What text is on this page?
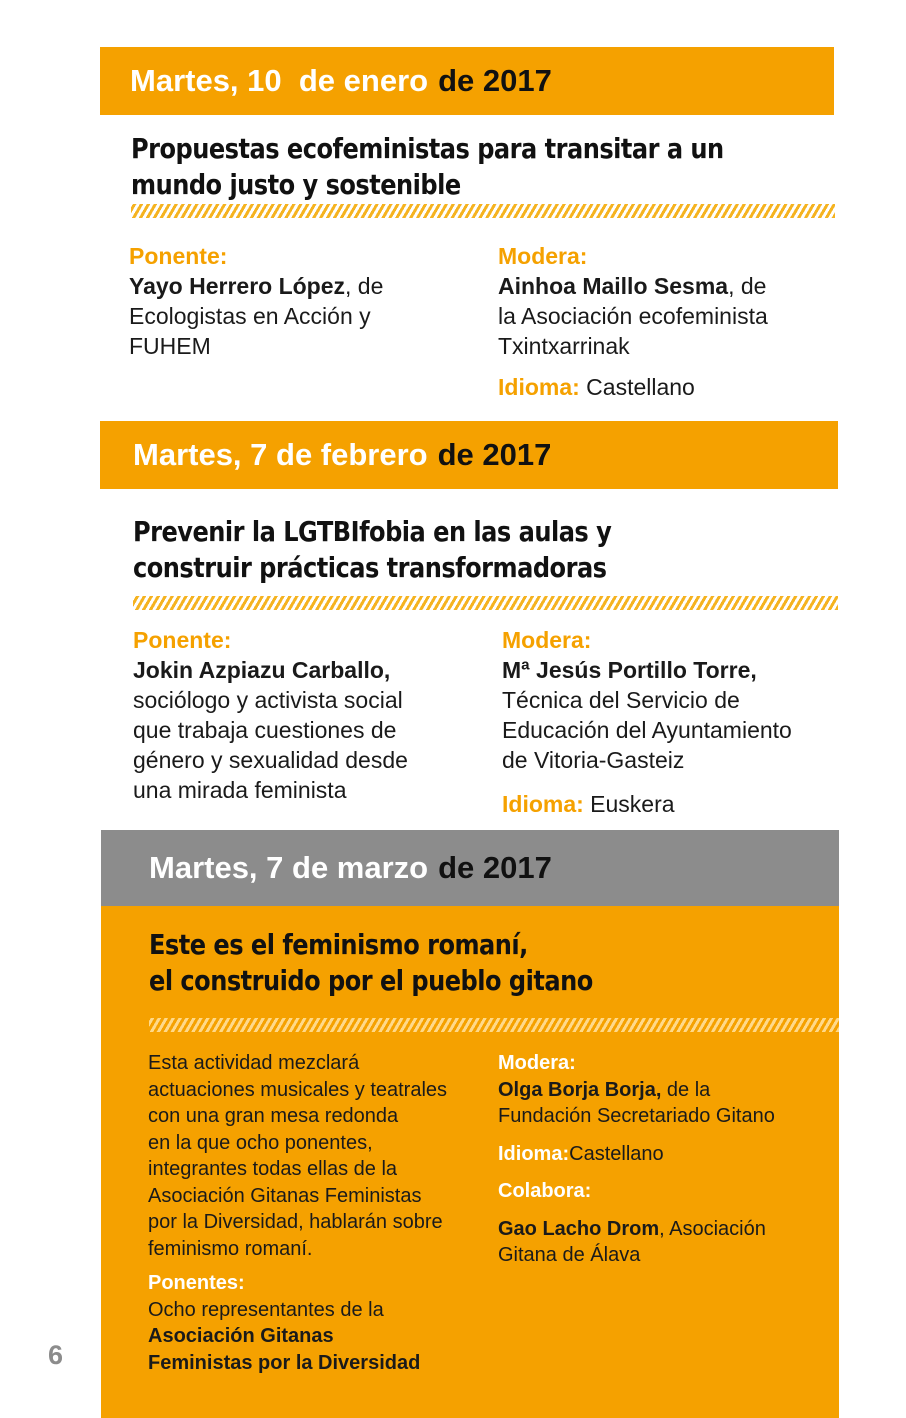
Martes, 10  de enero de 2017
Propuestas ecofeministas para transitar a un
mundo justo y sostenible
Ponente:
Yayo Herrero López, de
Ecologistas en Acción y
FUHEM
Modera:
Ainhoa Maillo Sesma, de
la Asociación ecofeminista
Txintxarrinak
Idioma: Castellano
Martes, 7 de febrero de 2017
Prevenir la LGTBIfobia en las aulas y
construir prácticas transformadoras
Ponente:
Jokin Azpiazu Carballo,
sociólogo y activista social
que trabaja cuestiones de
género y sexualidad desde
una mirada feminista
Modera:
Mª Jesús Portillo Torre,
Técnica del Servicio de
Educación del Ayuntamiento
de Vitoria-Gasteiz
Idioma: Euskera
Martes, 7 de marzo de 2017
Este es el feminismo romaní,
el construido por el pueblo gitano
Esta actividad mezclará
actuaciones musicales y teatrales
con una gran mesa redonda
en la que ocho ponentes,
integrantes todas ellas de la
Asociación Gitanas Feministas
por la Diversidad, hablarán sobre
feminismo romaní.
Ponentes:
Ocho representantes de la
Asociación Gitanas
Feministas por la Diversidad
Modera:
Olga Borja Borja, de la
Fundación Secretariado Gitano
Idioma:Castellano
Colabora:
Gao Lacho Drom, Asociación
Gitana de Álava
6
